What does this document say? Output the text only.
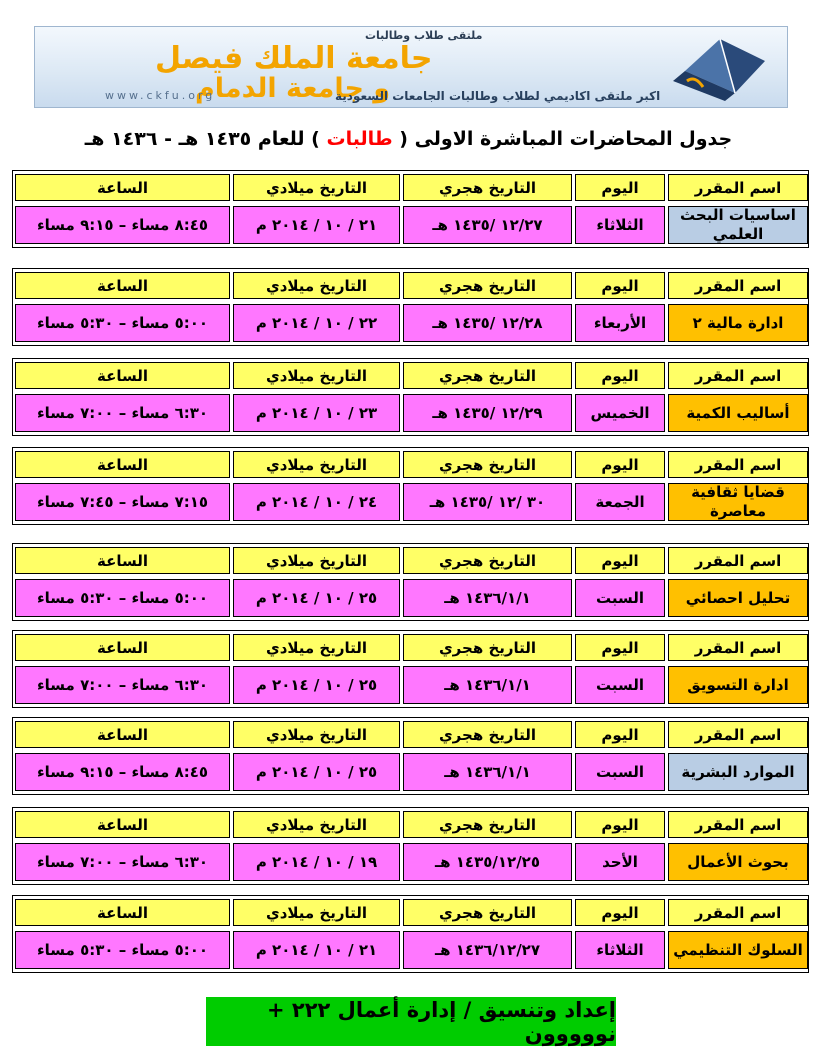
ملتقى طلاب وطالبات
جامعة الملك فيصل
و جامعة الدمام
اكبر ملتقى اكاديمي لطلاب وطالبات الجامعات السعودية
www.ckfu.org
جدول المحاضرات المباشرة الاولى ( طالبات ) للعام ١٤٣٥ هـ - ١٤٣٦ هـ
اسم المقرر
اساسيات البحث العلمي
اليوم
الثلاثاء
التاريخ هجري
١٢/٢٧ /١٤٣٥ هـ
التاريخ ميلادي
٢١ / ١٠ / ٢٠١٤ م
الساعة
٨:٤٥ مساء – ٩:١٥ مساء
اسم المقرر
ادارة مالية ٢
اليوم
الأربعاء
التاريخ هجري
١٢/٢٨ /١٤٣٥ هـ
التاريخ ميلادي
٢٢ / ١٠ / ٢٠١٤ م
الساعة
٥:٠٠ مساء – ٥:٣٠ مساء
اسم المقرر
أساليب الكمية
اليوم
الخميس
التاريخ هجري
١٢/٢٩ /١٤٣٥ هـ
التاريخ ميلادي
٢٣ / ١٠ / ٢٠١٤ م
الساعة
٦:٣٠ مساء – ٧:٠٠ مساء
اسم المقرر
قضايا ثقافية معاصرة
اليوم
الجمعة
التاريخ هجري
٣٠ /١٢ /١٤٣٥ هـ
التاريخ ميلادي
٢٤ / ١٠ / ٢٠١٤ م
الساعة
٧:١٥ مساء – ٧:٤٥ مساء
اسم المقرر
تحليل احصائي
اليوم
السبت
التاريخ هجري
١٤٣٦/١/١ هـ
التاريخ ميلادي
٢٥ / ١٠ / ٢٠١٤ م
الساعة
٥:٠٠ مساء – ٥:٣٠ مساء
اسم المقرر
ادارة التسويق
اليوم
السبت
التاريخ هجري
١٤٣٦/١/١ هـ
التاريخ ميلادي
٢٥ / ١٠ / ٢٠١٤ م
الساعة
٦:٣٠ مساء – ٧:٠٠ مساء
اسم المقرر
الموارد البشرية
اليوم
السبت
التاريخ هجري
١٤٣٦/١/١ هـ
التاريخ ميلادي
٢٥ / ١٠ / ٢٠١٤ م
الساعة
٨:٤٥ مساء – ٩:١٥ مساء
اسم المقرر
بحوث الأعمال
اليوم
الأحد
التاريخ هجري
١٤٣٥/١٢/٢٥ هـ
التاريخ ميلادي
١٩ / ١٠ / ٢٠١٤ م
الساعة
٦:٣٠ مساء – ٧:٠٠ مساء
اسم المقرر
السلوك التنظيمي
اليوم
الثلاثاء
التاريخ هجري
١٤٣٦/١٢/٢٧ هـ
التاريخ ميلادي
٢١ / ١٠ / ٢٠١٤ م
الساعة
٥:٠٠ مساء – ٥:٣٠ مساء
إعداد وتنسيق / إدارة أعمال ٢٢٢ + نووووون
